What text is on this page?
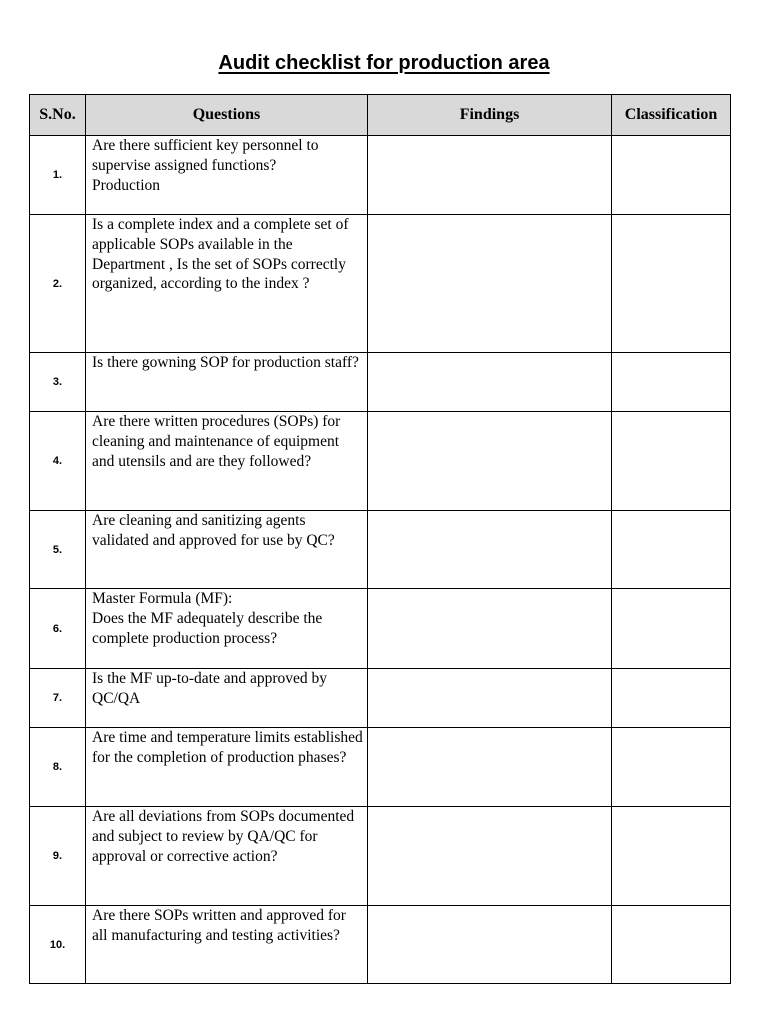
Audit checklist for production area
S.No.	Questions	Findings	Classification
1.	Are there sufficient key personnel to supervise assigned functions?
Production		
2.	Is a complete index and a complete set of applicable SOPs available in the
Department , Is the set of SOPs correctly organized, according to the index ?		
3.	Is there gowning SOP for production staff?		
4.	Are there written procedures (SOPs) for cleaning and maintenance of equipment and utensils and are they followed?		
5.	Are cleaning and sanitizing agents validated and approved for use by QC?		
6.	Master Formula (MF):
Does the MF adequately describe the complete production process?		
7.	Is the MF up-to-date and approved by QC/QA		
8.	Are time and temperature limits established for the completion of production phases?		
9.	Are all deviations from SOPs documented and subject to review by QA/QC for approval or corrective action?		
10.	Are there SOPs written and approved for all manufacturing and testing activities?		
